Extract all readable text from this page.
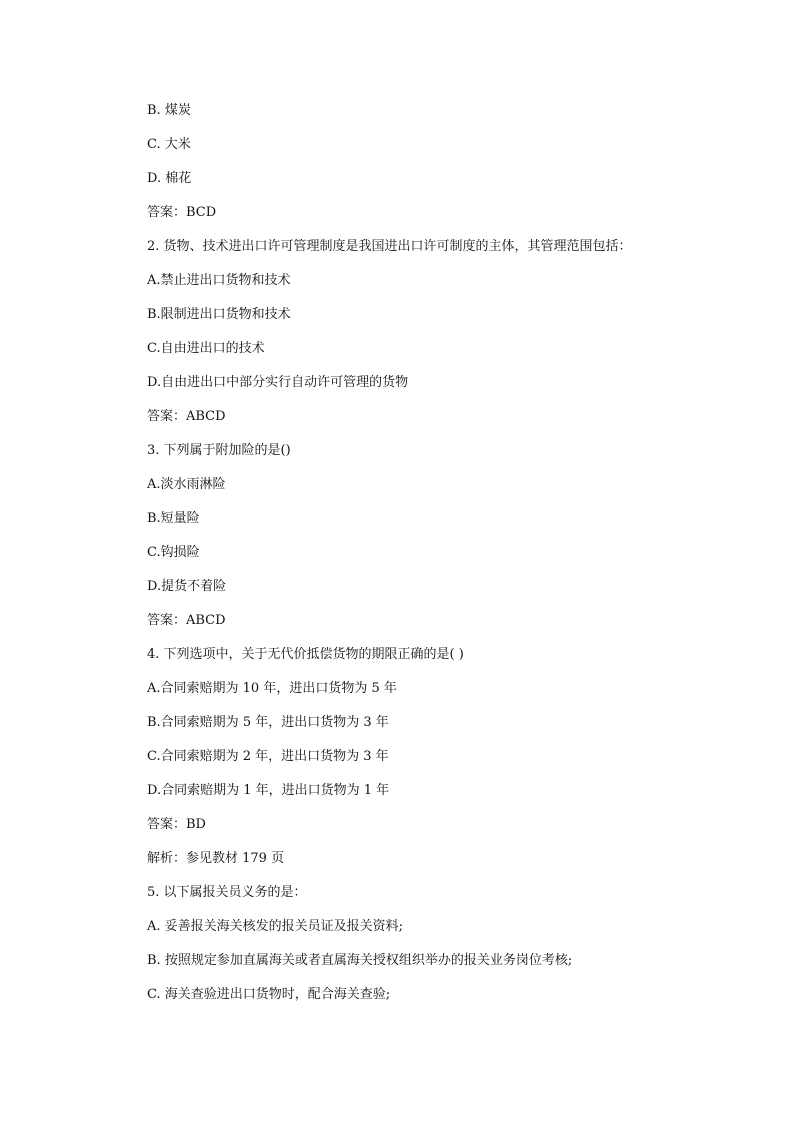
B. 煤炭
C. 大米
D. 棉花
答案：BCD
2. 货物、技术进出口许可管理制度是我国进出口许可制度的主体，其管理范围包括：
A.禁止进出口货物和技术
B.限制进出口货物和技术
C.自由进出口的技术
D.自由进出口中部分实行自动许可管理的货物
答案：ABCD
3. 下列属于附加险的是()
A.淡水雨淋险
B.短量险
C.钩损险
D.提货不着险
答案：ABCD
4. 下列选项中，关于无代价抵偿货物的期限正确的是( )
A.合同索赔期为 10 年，进出口货物为 5 年
B.合同索赔期为 5 年，进出口货物为 3 年
C.合同索赔期为 2 年，进出口货物为 3 年
D.合同索赔期为 1 年，进出口货物为 1 年
答案：BD
解析：参见教材 179 页
5. 以下属报关员义务的是：
A. 妥善报关海关核发的报关员证及报关资料;
B. 按照规定参加直属海关或者直属海关授权组织举办的报关业务岗位考核;
C. 海关查验进出口货物时，配合海关查验;
